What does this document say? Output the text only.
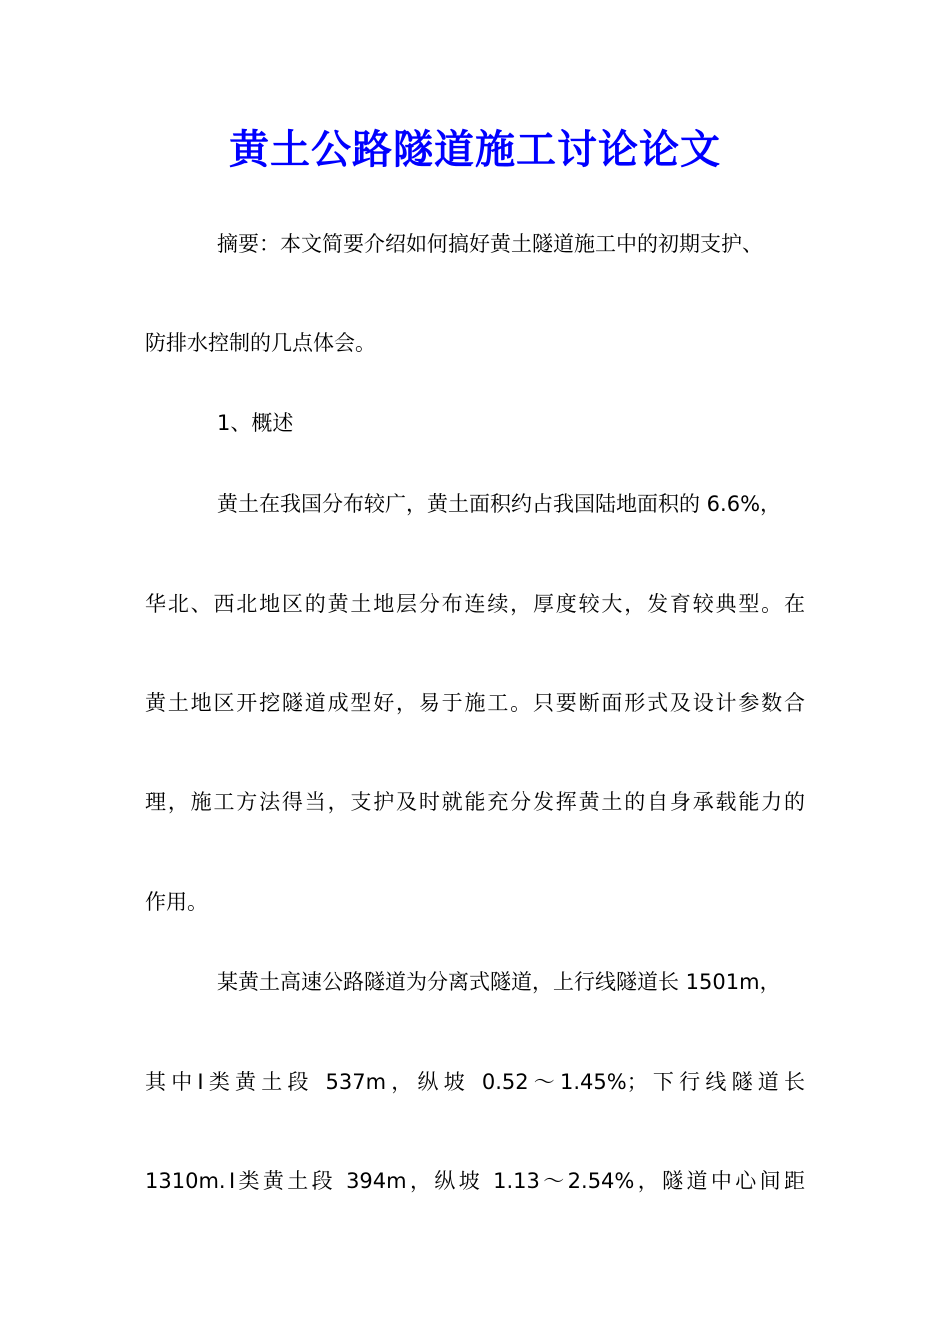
黄土公路隧道施工讨论论文

摘要：本文简要介绍如何搞好黄土隧道施工中的初期支护、

防排水控制的几点体会。

1、概述

黄土在我国分布较广，黄土面积约占我国陆地面积的 6.6%，

华北、西北地区的黄土地层分布连续，厚度较大，发育较典型。在

黄土地区开挖隧道成型好，易于施工。只要断面形式及设计参数合

理，施工方法得当，支护及时就能充分发挥黄土的自身承载能力的

作用。

某黄土高速公路隧道为分离式隧道，上行线隧道长 1501m，

其中Ⅰ类黄土段 537m，纵坡 0.52～1.45%；下行线隧道长

1310m.Ⅰ类黄土段 394m，纵坡 1.13～2.54%，隧道中心间距
